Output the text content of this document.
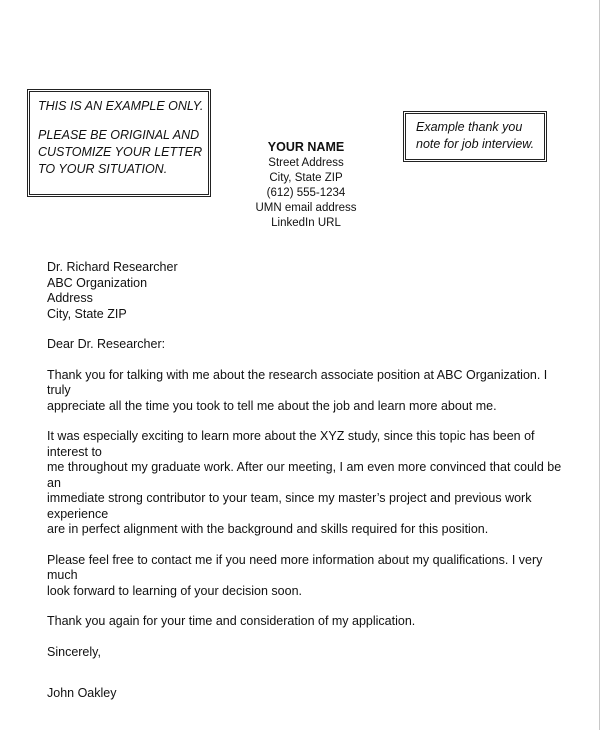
THIS IS AN EXAMPLE ONLY.
PLEASE BE ORIGINAL AND
CUSTOMIZE YOUR LETTER
TO YOUR SITUATION.
Example thank you
note for job interview.
YOUR NAME
Street Address
City, State ZIP
(612) 555-1234
UMN email address
LinkedIn URL
Dr. Richard Researcher
ABC Organization
Address
City, State ZIP
Dear Dr. Researcher:
Thank you for talking with me about the research associate position at ABC Organization. I truly
appreciate all the time you took to tell me about the job and learn more about me.
It was especially exciting to learn more about the XYZ study, since this topic has been of interest to
me throughout my graduate work. After our meeting, I am even more convinced that could be an
immediate strong contributor to your team, since my master’s project and previous work experience
are in perfect alignment with the background and skills required for this position.
Please feel free to contact me if you need more information about my qualifications. I very much
look forward to learning of your decision soon.
Thank you again for your time and consideration of my application.
Sincerely,
John Oakley
